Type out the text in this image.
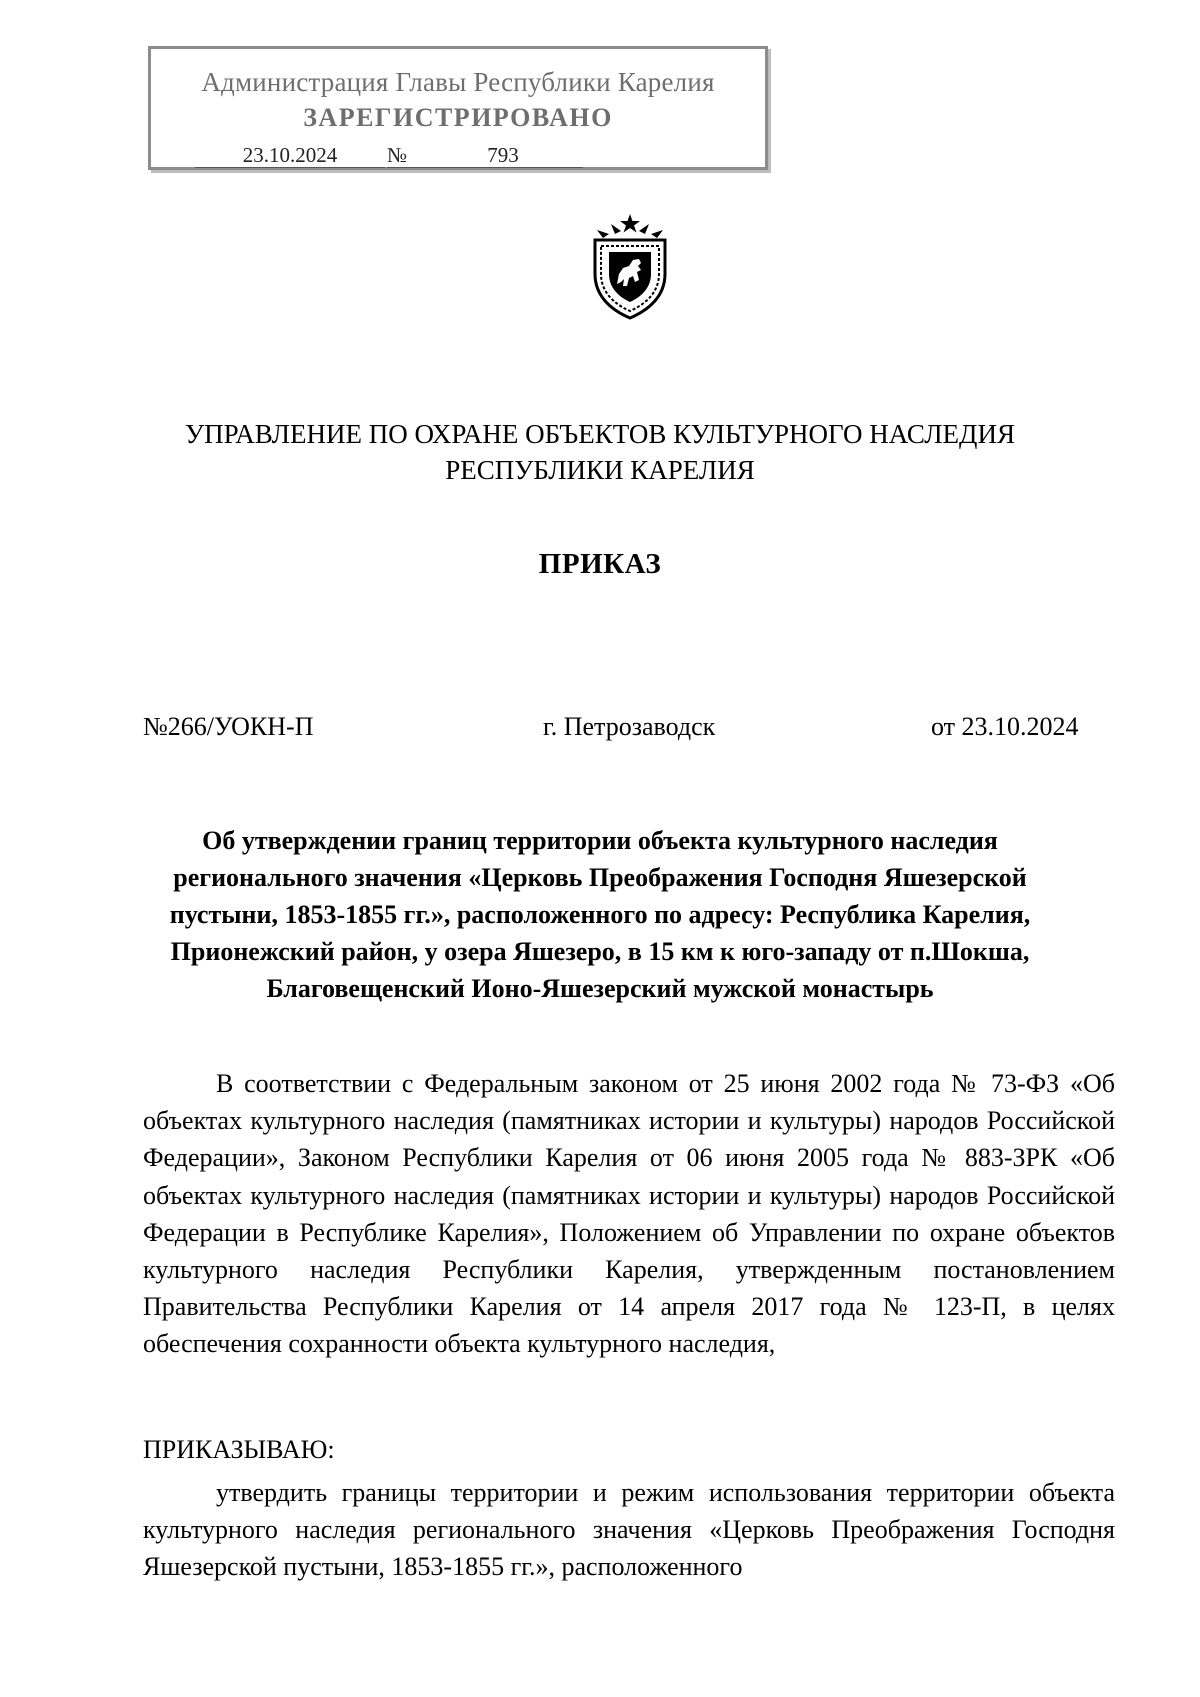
Администрация Главы Республики Карелия
ЗАРЕГИСТРИРОВАНО
23.10.2024	№	793
УПРАВЛЕНИЕ ПО ОХРАНЕ ОБЪЕКТОВ КУЛЬТУРНОГО НАСЛЕДИЯ
РЕСПУБЛИКИ КАРЕЛИЯ
ПРИКАЗ
№266/УОКН-П	г. Петрозаводск	от 23.10.2024
Об утверждении границ территории объекта культурного наследия
регионального значения «Церковь Преображения Господня Яшезерской
пустыни, 1853-1855 гг.», расположенного по адресу: Республика Карелия,
Прионежский район, у озера Яшезеро, в 15 км к юго-западу от п.Шокша,
Благовещенский Ионо-Яшезерский мужской монастырь
В соответствии с Федеральным законом от 25 июня 2002 года № 73-ФЗ «Об объектах культурного наследия (памятниках истории и культуры) народов Российской Федерации», Законом Республики Карелия от 06 июня 2005 года № 883-ЗРК «Об объектах культурного наследия (памятниках истории и культуры) народов Российской Федерации в Республике Карелия», Положением об Управлении по охране объектов культурного наследия Республики Карелия, утвержденным постановлением Правительства Республики Карелия от 14 апреля 2017 года № 123-П, в целях обеспечения сохранности объекта культурного наследия,
ПРИКАЗЫВАЮ:
утвердить границы территории и режим использования территории объекта культурного наследия регионального значения «Церковь Преображения Господня Яшезерской пустыни, 1853-1855 гг.», расположенного
